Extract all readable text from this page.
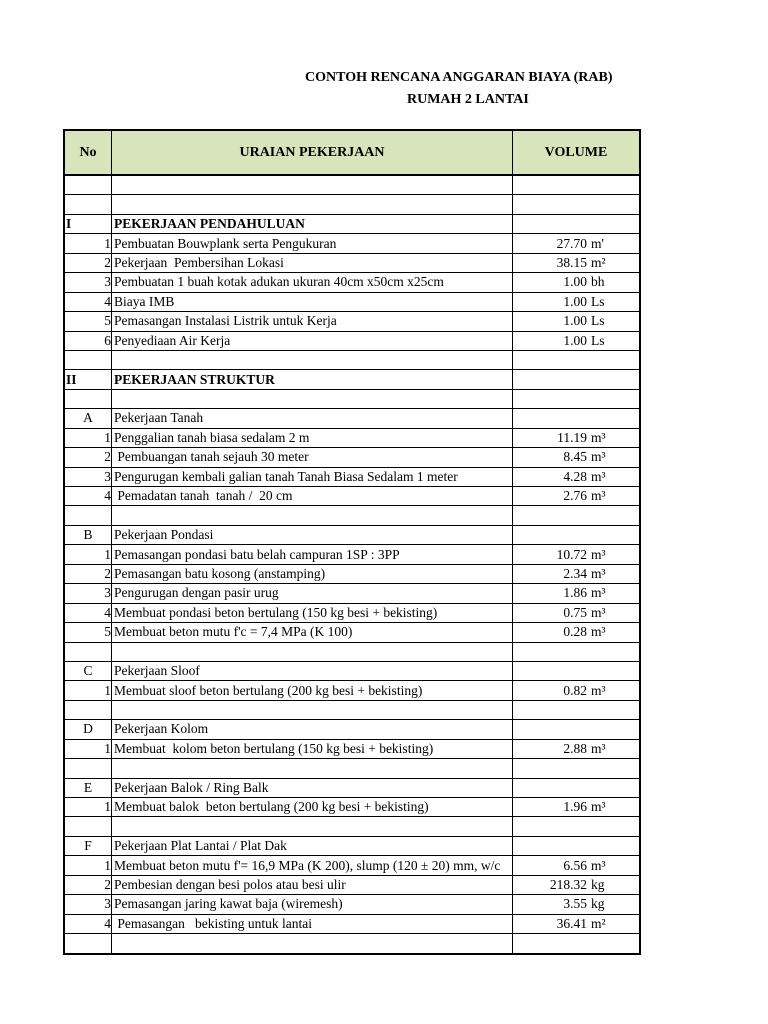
CONTOH RENCANA ANGGARAN BIAYA (RAB)
RUMAH 2 LANTAI
No	URAIAN PEKERJAAN	VOLUME
I	PEKERJAAN PENDAHULUAN
1 Pembuatan Bouwplank serta Pengukuran	27.70 m'
2 Pekerjaan  Pembersihan Lokasi	38.15 m²
3 Pembuatan 1 buah kotak adukan ukuran 40cm x50cm x25cm	1.00 bh
4 Biaya IMB	1.00 Ls
5 Pemasangan Instalasi Listrik untuk Kerja	1.00 Ls
6 Penyediaan Air Kerja	1.00 Ls
II	PEKERJAAN STRUKTUR
A	Pekerjaan Tanah
1 Penggalian tanah biasa sedalam 2 m	11.19 m³
2 Pembuangan tanah sejauh 30 meter	8.45 m³
3 Pengurugan kembali galian tanah Tanah Biasa Sedalam 1 meter	4.28 m³
4 Pemadatan tanah  tanah /  20 cm	2.76 m³
B	Pekerjaan Pondasi
1 Pemasangan pondasi batu belah campuran 1SP : 3PP	10.72 m³
2 Pemasangan batu kosong (anstamping)	2.34 m³
3 Pengurugan dengan pasir urug	1.86 m³
4 Membuat pondasi beton bertulang (150 kg besi + bekisting)	0.75 m³
5 Membuat beton mutu f'c = 7,4 MPa (K 100)	0.28 m³
C	Pekerjaan Sloof
1 Membuat sloof beton bertulang (200 kg besi + bekisting)	0.82 m³
D	Pekerjaan Kolom
1 Membuat  kolom beton bertulang (150 kg besi + bekisting)	2.88 m³
E	Pekerjaan Balok / Ring Balk
1 Membuat balok  beton bertulang (200 kg besi + bekisting)	1.96 m³
F	Pekerjaan Plat Lantai / Plat Dak
1 Membuat beton mutu f'= 16,9 MPa (K 200), slump (120 ± 20) mm, w/c	6.56 m³
2 Pembesian dengan besi polos atau besi ulir	218.32 kg
3 Pemasangan jaring kawat baja (wiremesh)	3.55 kg
4 Pemasangan   bekisting untuk lantai	36.41 m²
